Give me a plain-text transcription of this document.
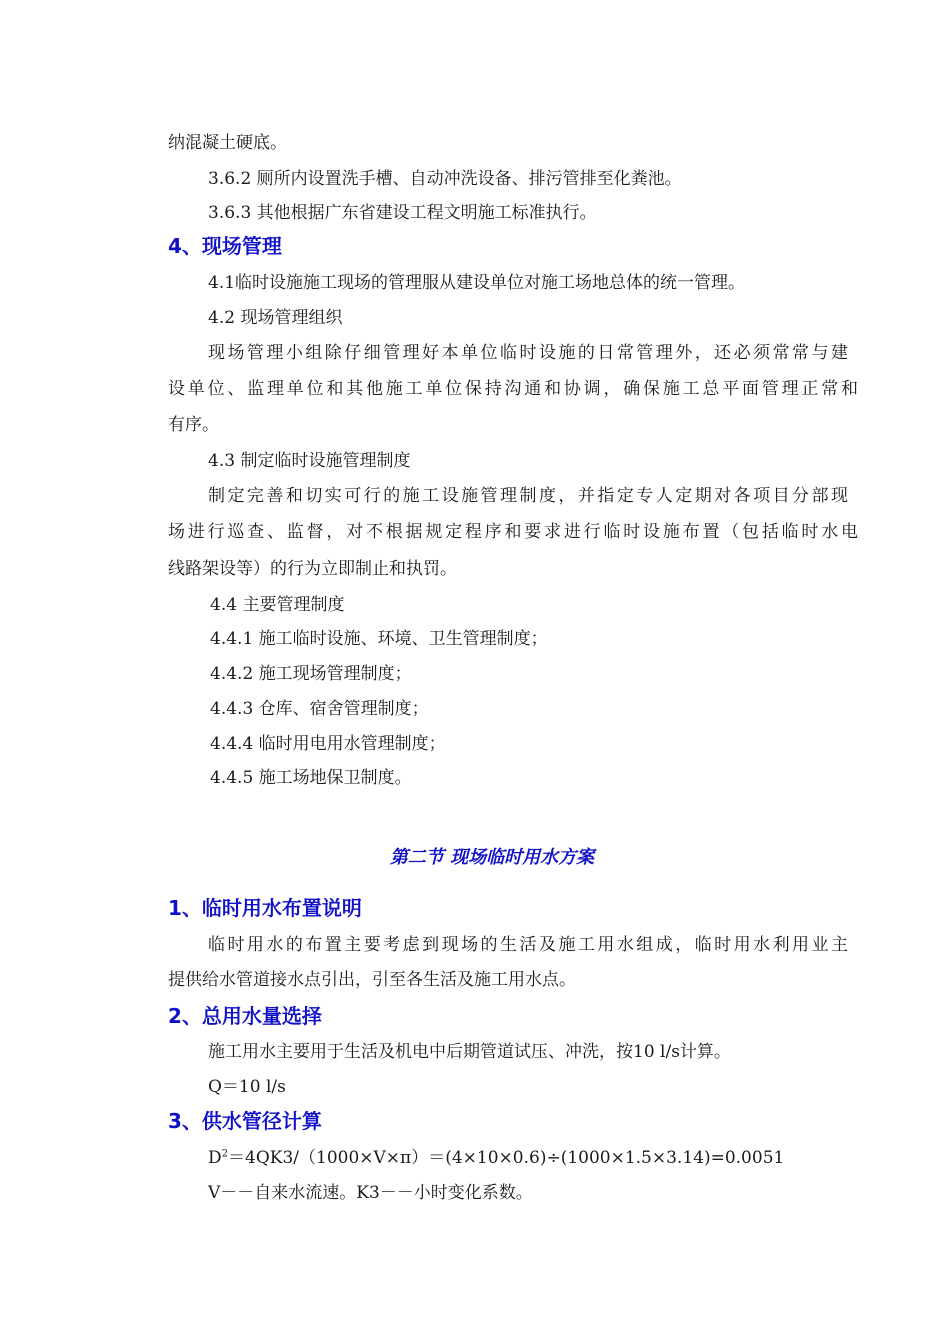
纳混凝土硬底。
3.6.2 厕所内设置洗手槽、自动冲洗设备、排污管排至化粪池。
3.6.3 其他根据广东省建设工程文明施工标准执行。
4、现场管理
4.1临时设施施工现场的管理服从建设单位对施工场地总体的统一管理。
4.2 现场管理组织
现场管理小组除仔细管理好本单位临时设施的日常管理外，还必须常常与建
设单位、监理单位和其他施工单位保持沟通和协调，确保施工总平面管理正常和
有序。
4.3 制定临时设施管理制度
制定完善和切实可行的施工设施管理制度，并指定专人定期对各项目分部现
场进行巡查、监督，对不根据规定程序和要求进行临时设施布置（包括临时水电
线路架设等）的行为立即制止和执罚。
4.4 主要管理制度
4.4.1 施工临时设施、环境、卫生管理制度；
4.4.2 施工现场管理制度；
4.4.3 仓库、宿舍管理制度；
4.4.4 临时用电用水管理制度；
4.4.5 施工场地保卫制度。
第二节 现场临时用水方案
1、临时用水布置说明
临时用水的布置主要考虑到现场的生活及施工用水组成，临时用水利用业主
提供给水管道接水点引出，引至各生活及施工用水点。
2、总用水量选择
施工用水主要用于生活及机电中后期管道试压、冲洗，按10 l/s计算。
Q＝10 l/s
3、供水管径计算
$D^2=4QK3/(1000\times V\times\pi)=(4\times 10\times 0.6)\div(1000\times 1.5\times 3.14)=0.0051$
V－－自来水流速。K3－－小时变化系数。
